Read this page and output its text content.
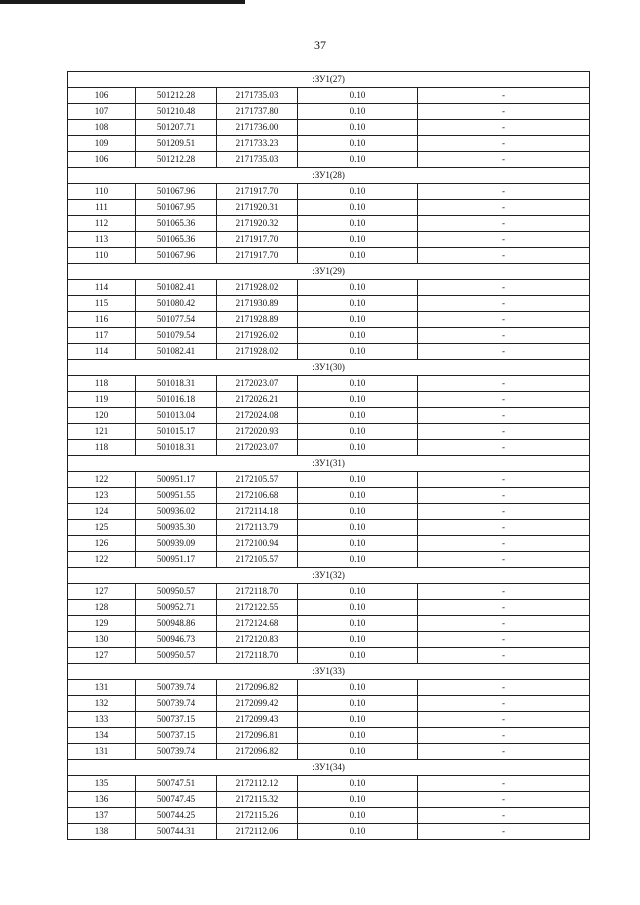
37
:ЗУ1(27)				
106	501212.28	2171735.03	0.10	-
107	501210.48	2171737.80	0.10	-
108	501207.71	2171736.00	0.10	-
109	501209.51	2171733.23	0.10	-
106	501212.28	2171735.03	0.10	-
:ЗУ1(28)				
110	501067.96	2171917.70	0.10	-
111	501067.95	2171920.31	0.10	-
112	501065.36	2171920.32	0.10	-
113	501065.36	2171917.70	0.10	-
110	501067.96	2171917.70	0.10	-
:ЗУ1(29)				
114	501082.41	2171928.02	0.10	-
115	501080.42	2171930.89	0.10	-
116	501077.54	2171928.89	0.10	-
117	501079.54	2171926.02	0.10	-
114	501082.41	2171928.02	0.10	-
:ЗУ1(30)				
118	501018.31	2172023.07	0.10	-
119	501016.18	2172026.21	0.10	-
120	501013.04	2172024.08	0.10	-
121	501015.17	2172020.93	0.10	-
118	501018.31	2172023.07	0.10	-
:ЗУ1(31)				
122	500951.17	2172105.57	0.10	-
123	500951.55	2172106.68	0.10	-
124	500936.02	2172114.18	0.10	-
125	500935.30	2172113.79	0.10	-
126	500939.09	2172100.94	0.10	-
122	500951.17	2172105.57	0.10	-
:ЗУ1(32)				
127	500950.57	2172118.70	0.10	-
128	500952.71	2172122.55	0.10	-
129	500948.86	2172124.68	0.10	-
130	500946.73	2172120.83	0.10	-
127	500950.57	2172118.70	0.10	-
:ЗУ1(33)				
131	500739.74	2172096.82	0.10	-
132	500739.74	2172099.42	0.10	-
133	500737.15	2172099.43	0.10	-
134	500737.15	2172096.81	0.10	-
131	500739.74	2172096.82	0.10	-
:ЗУ1(34)				
135	500747.51	2172112.12	0.10	-
136	500747.45	2172115.32	0.10	-
137	500744.25	2172115.26	0.10	-
138	500744.31	2172112.06	0.10	-
